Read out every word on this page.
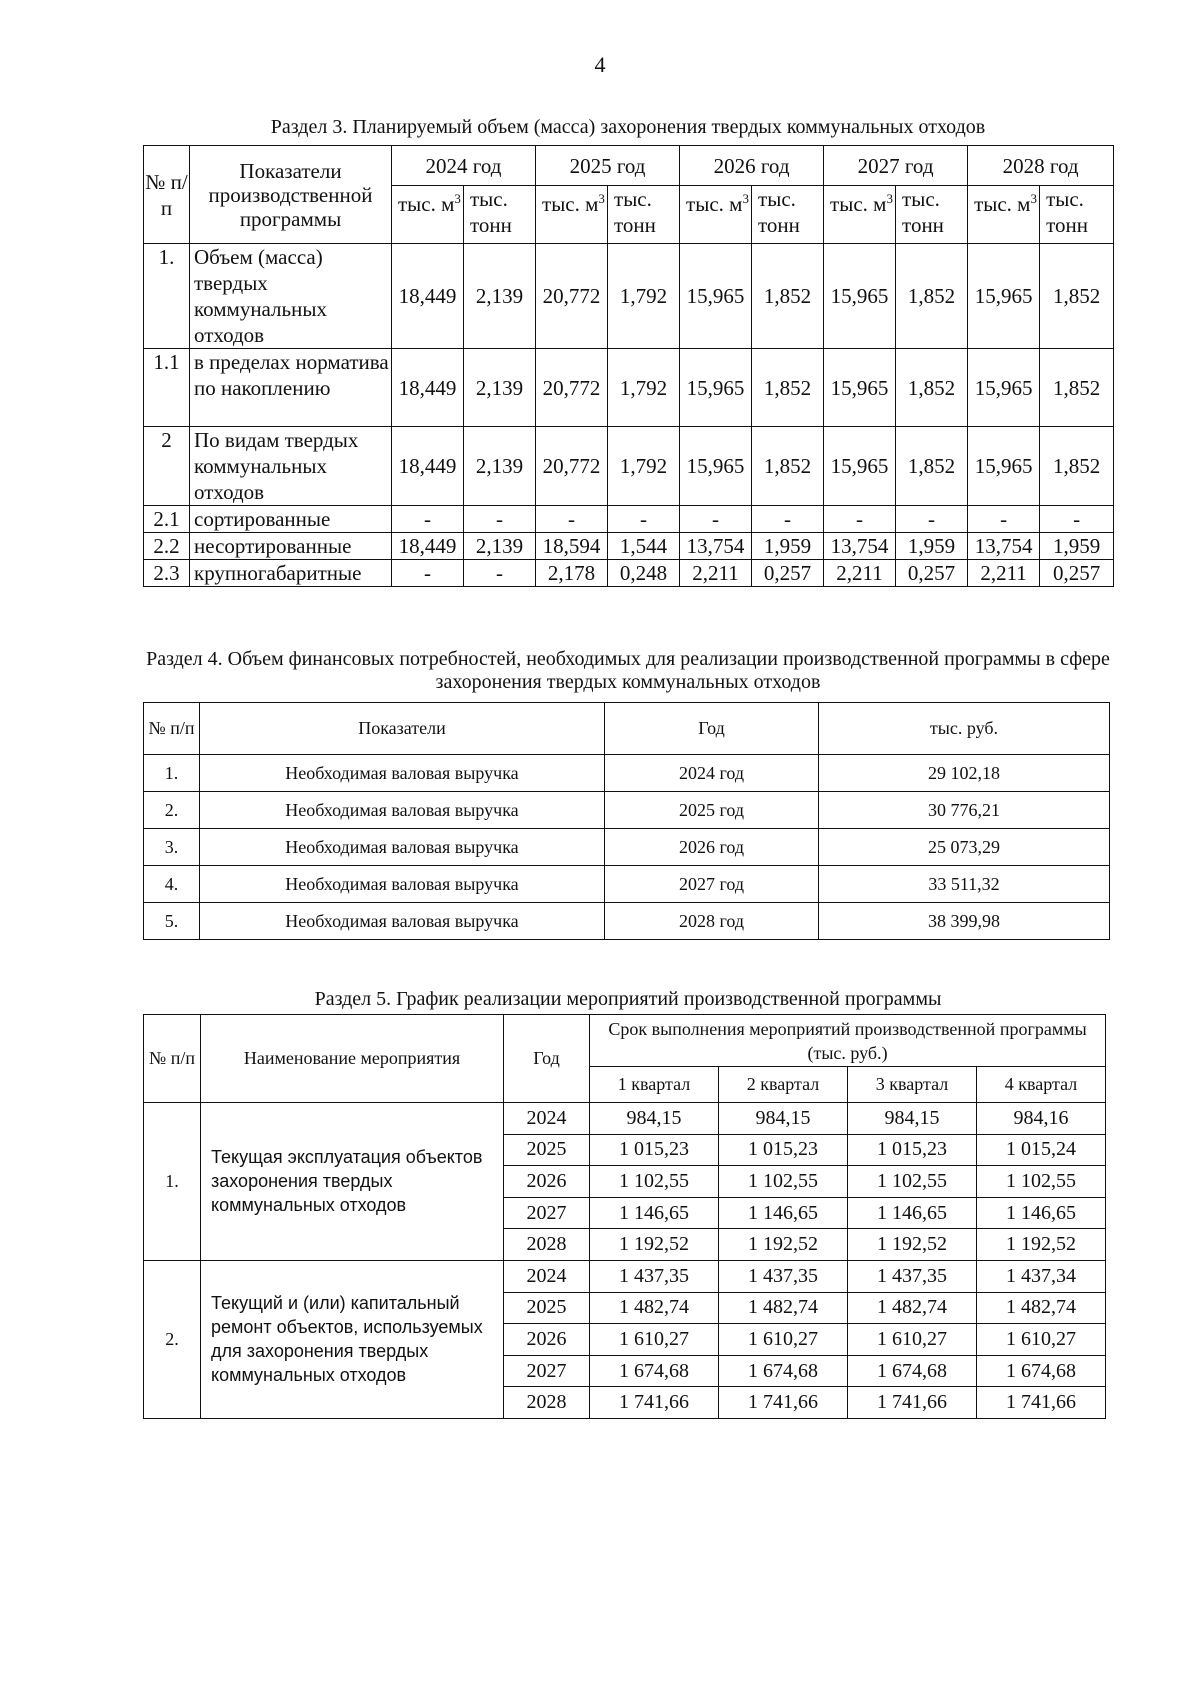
4
Раздел 3. Планируемый объем (масса) захоронения твердых коммунальных отходов
№ п/п	Показатели производственной программы	2024 год		2025 год		2026 год		2027 год		2028 год	
		тыс. $м^3$	тыс. тонн	тыс. $м^3$	тыс. тонн	тыс. $м^3$	тыс. тонн	тыс. $м^3$	тыс. тонн	тыс. $м^3$	тыс. тонн
1.	Объем (масса) твердых коммунальных отходов	18,449	2,139	20,772	1,792	15,965	1,852	15,965	1,852	15,965	1,852
1.1	в пределах норматива по накоплению	18,449	2,139	20,772	1,792	15,965	1,852	15,965	1,852	15,965	1,852
2	По видам твердых коммунальных отходов	18,449	2,139	20,772	1,792	15,965	1,852	15,965	1,852	15,965	1,852
2.1	сортированные	-	-	-	-	-	-	-	-	-	-
2.2	несортированные	18,449	2,139	18,594	1,544	13,754	1,959	13,754	1,959	13,754	1,959
2.3	крупногабаритные	-	-	2,178	0,248	2,211	0,257	2,211	0,257	2,211	0,257
Раздел 4. Объем финансовых потребностей, необходимых для реализации производственной программы в сфере захоронения твердых коммунальных отходов
№ п/п	Показатели	Год	тыс. руб.
1.	Необходимая валовая выручка	2024 год	29 102,18
2.	Необходимая валовая выручка	2025 год	30 776,21
3.	Необходимая валовая выручка	2026 год	25 073,29
4.	Необходимая валовая выручка	2027 год	33 511,32
5.	Необходимая валовая выручка	2028 год	38 399,98
Раздел 5. График реализации мероприятий производственной программы
№ п/п	Наименование мероприятия	Год	Срок выполнения мероприятий производственной программы (тыс. руб.)			
			1 квартал	2 квартал	3 квартал	4 квартал
1.	Текущая эксплуатация объектов захоронения твердых коммунальных отходов	2024	984,15	984,15	984,15	984,16
		2025	1 015,23	1 015,23	1 015,23	1 015,24
		2026	1 102,55	1 102,55	1 102,55	1 102,55
		2027	1 146,65	1 146,65	1 146,65	1 146,65
		2028	1 192,52	1 192,52	1 192,52	1 192,52
2.	Текущий и (или) капитальный ремонт объектов, используемых для захоронения твердых коммунальных отходов	2024	1 437,35	1 437,35	1 437,35	1 437,34
		2025	1 482,74	1 482,74	1 482,74	1 482,74
		2026	1 610,27	1 610,27	1 610,27	1 610,27
		2027	1 674,68	1 674,68	1 674,68	1 674,68
		2028	1 741,66	1 741,66	1 741,66	1 741,66
